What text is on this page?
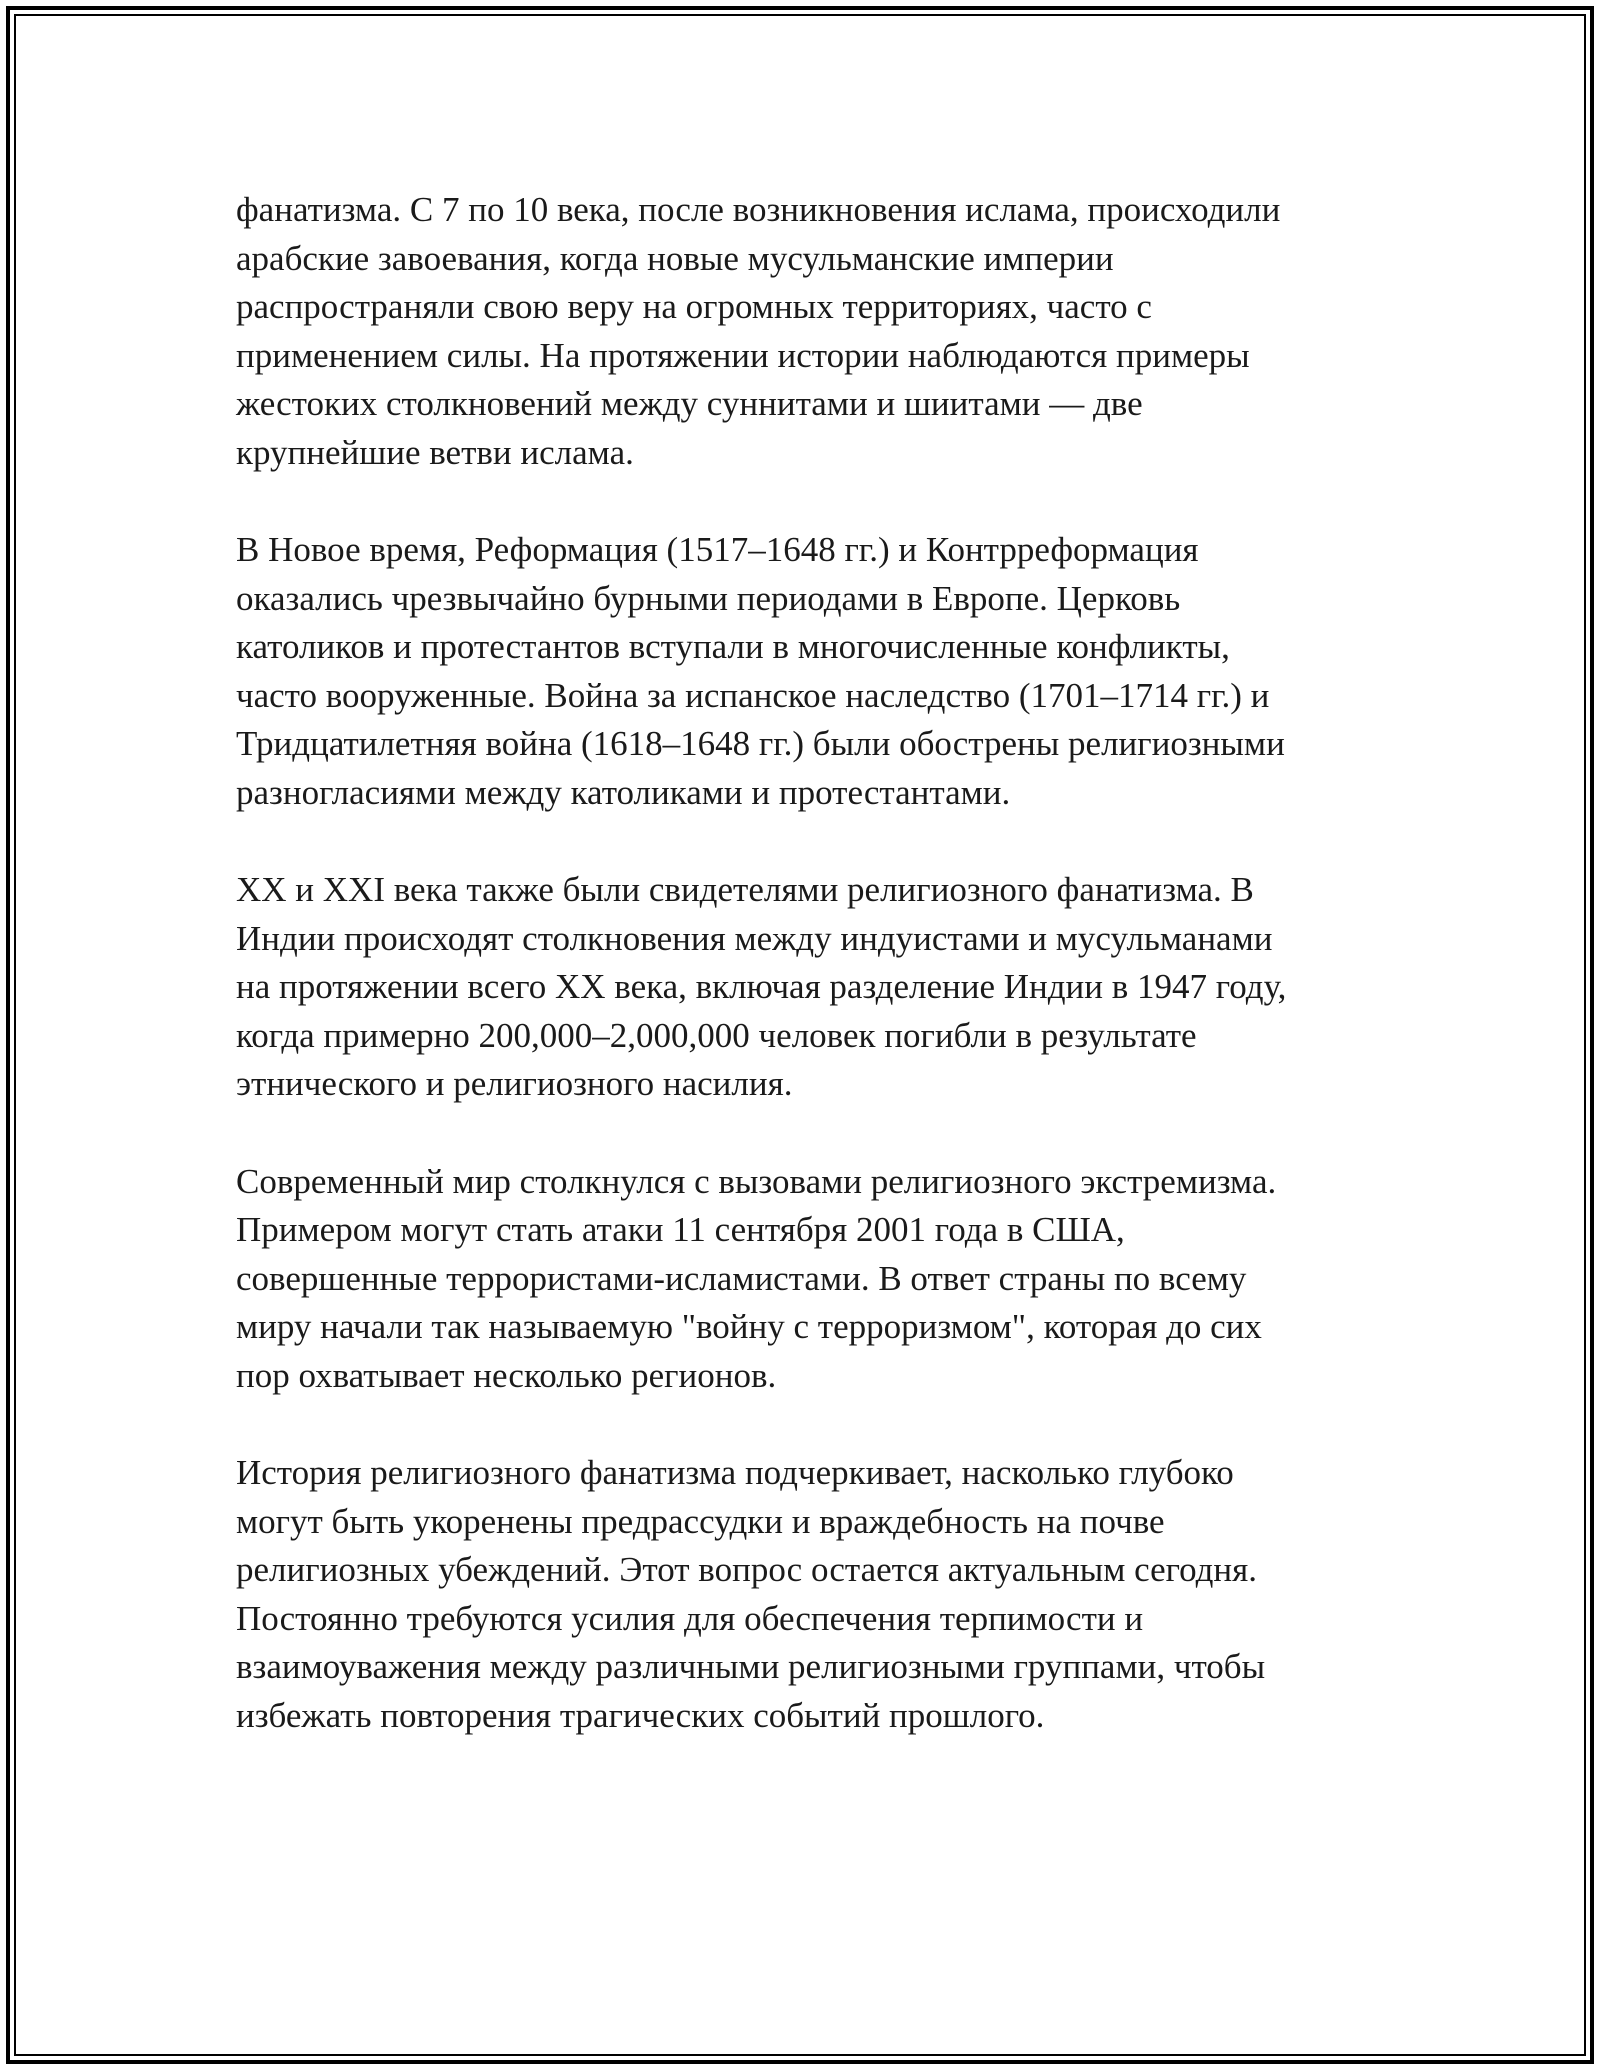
фанатизма. С 7 по 10 века, после возникновения ислама, происходили
арабские завоевания, когда новые мусульманские империи
распространяли свою веру на огромных территориях, часто с
применением силы. На протяжении истории наблюдаются примеры
жестоких столкновений между суннитами и шиитами — две
крупнейшие ветви ислама.

В Новое время, Реформация (1517–1648 гг.) и Контрреформация
оказались чрезвычайно бурными периодами в Европе. Церковь
католиков и протестантов вступали в многочисленные конфликты,
часто вооруженные. Война за испанское наследство (1701–1714 гг.) и
Тридцатилетняя война (1618–1648 гг.) были обострены религиозными
разногласиями между католиками и протестантами.

XX и XXI века также были свидетелями религиозного фанатизма. В
Индии происходят столкновения между индуистами и мусульманами
на протяжении всего XX века, включая разделение Индии в 1947 году,
когда примерно 200,000–2,000,000 человек погибли в результате
этнического и религиозного насилия.

Современный мир столкнулся с вызовами религиозного экстремизма.
Примером могут стать атаки 11 сентября 2001 года в США,
совершенные террористами-исламистами. В ответ страны по всему
миру начали так называемую "войну с терроризмом", которая до сих
пор охватывает несколько регионов.

История религиозного фанатизма подчеркивает, насколько глубоко
могут быть укоренены предрассудки и враждебность на почве
религиозных убеждений. Этот вопрос остается актуальным сегодня.
Постоянно требуются усилия для обеспечения терпимости и
взаимоуважения между различными религиозными группами, чтобы
избежать повторения трагических событий прошлого.
